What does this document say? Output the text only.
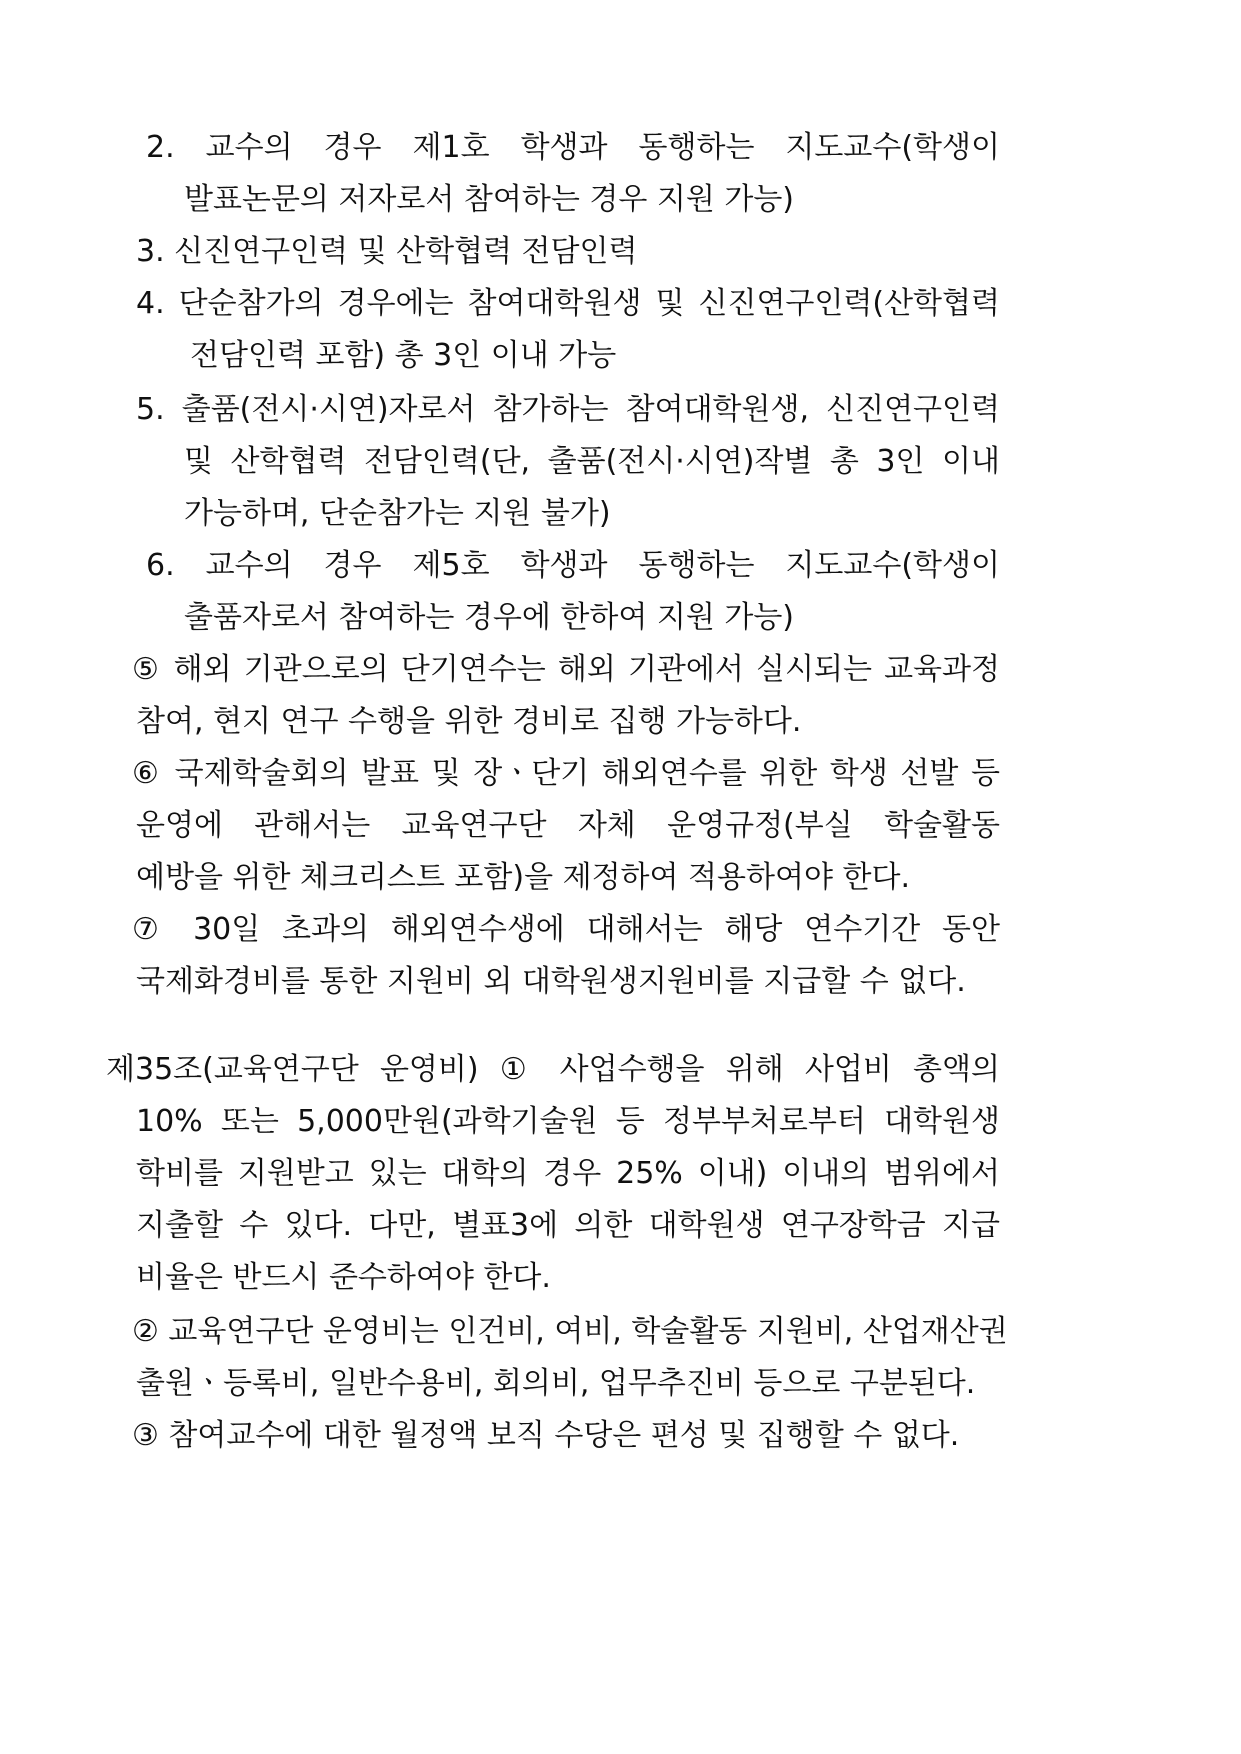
2. 교수의 경우 제1호 학생과 동행하는 지도교수(학생이
발표논문의 저자로서 참여하는 경우 지원 가능)
3. 신진연구인력 및 산학협력 전담인력
4. 단순참가의 경우에는 참여대학원생 및 신진연구인력(산학협력
전담인력 포함) 총 3인 이내 가능
5. 출품(전시·시연)자로서 참가하는 참여대학원생, 신진연구인력
및 산학협력 전담인력(단, 출품(전시·시연)작별 총 3인 이내
가능하며, 단순참가는 지원 불가)
6. 교수의 경우 제5호 학생과 동행하는 지도교수(학생이
출품자로서 참여하는 경우에 한하여 지원 가능)
⑤ 해외 기관으로의 단기연수는 해외 기관에서 실시되는 교육과정
참여, 현지 연구 수행을 위한 경비로 집행 가능하다.
⑥ 국제학술회의 발표 및 장ㆍ단기 해외연수를 위한 학생 선발 등
운영에 관해서는 교육연구단 자체 운영규정(부실 학술활동
예방을 위한 체크리스트 포함)을 제정하여 적용하여야 한다.
⑦ 30일 초과의 해외연수생에 대해서는 해당 연수기간 동안
국제화경비를 통한 지원비 외 대학원생지원비를 지급할 수 없다.
제35조(교육연구단 운영비) ① 사업수행을 위해 사업비 총액의
10% 또는 5,000만원(과학기술원 등 정부부처로부터 대학원생
학비를 지원받고 있는 대학의 경우 25% 이내) 이내의 범위에서
지출할 수 있다. 다만, 별표3에 의한 대학원생 연구장학금 지급
비율은 반드시 준수하여야 한다.
② 교육연구단 운영비는 인건비, 여비, 학술활동 지원비, 산업재산권
출원ㆍ등록비, 일반수용비, 회의비, 업무추진비 등으로 구분된다.
③ 참여교수에 대한 월정액 보직 수당은 편성 및 집행할 수 없다.
